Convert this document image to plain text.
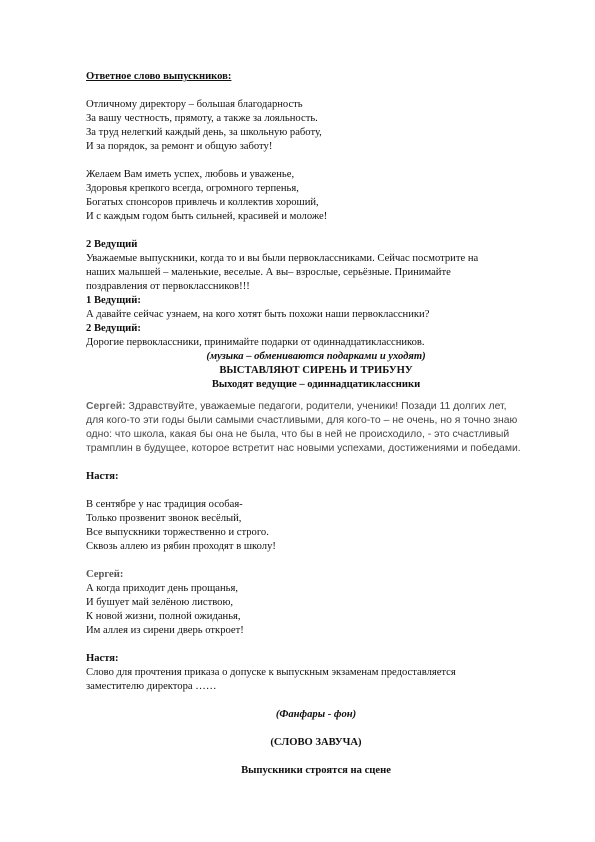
Ответное слово выпускников:
Отличному директору – большая благодарность
За вашу честность, прямоту, а также за лояльность.
За труд нелегкий каждый день, за школьную работу,
И за порядок, за ремонт и общую заботу!
Желаем Вам иметь успех, любовь и уваженье,
Здоровья крепкого всегда, огромного терпенья,
Богатых спонсоров привлечь и коллектив хороший,
И с каждым годом быть сильней, красивей и моложе!
2 Ведущий
Уважаемые выпускники, когда то и вы были первоклассниками. Сейчас посмотрите на
наших малышей – маленькие, веселые. А вы– взрослые, серьёзные. Принимайте
поздравления от первоклассников!!!
1 Ведущий:
А давайте сейчас узнаем, на кого хотят быть похожи наши первоклассники?
2 Ведущий:
Дорогие первоклассники, принимайте подарки от одиннадцатиклассников.
(музыка – обмениваются подарками и уходят)
ВЫСТАВЛЯЮТ СИРЕНЬ И ТРИБУНУ
Выходят ведущие – одиннадцатиклассники
Сергей: Здравствуйте, уважаемые педагоги, родители, ученики! Позади 11 долгих лет,
для кого-то эти годы были самыми счастливыми, для кого-то – не очень, но я точно знаю
одно: что школа, какая бы она не была, что бы в ней не происходило, - это счастливый
трамплин в будущее, которое встретит нас новыми успехами, достижениями и победами.
Настя:
В сентябре у нас традиция особая-
Только прозвенит звонок весёлый,
Все выпускники торжественно и строго.
Сквозь аллею из рябин проходят в школу!
Сергей:
А когда приходит день прощанья,
И бушует май зелёною листвою,
К новой жизни, полной ожиданья,
Им аллея из сирени дверь откроет!
Настя:
Слово для прочтения приказа о допуске к выпускным экзаменам предоставляется
заместителю директора ……
(Фанфары - фон)
(СЛОВО ЗАВУЧА)
Выпускники строятся на сцене
